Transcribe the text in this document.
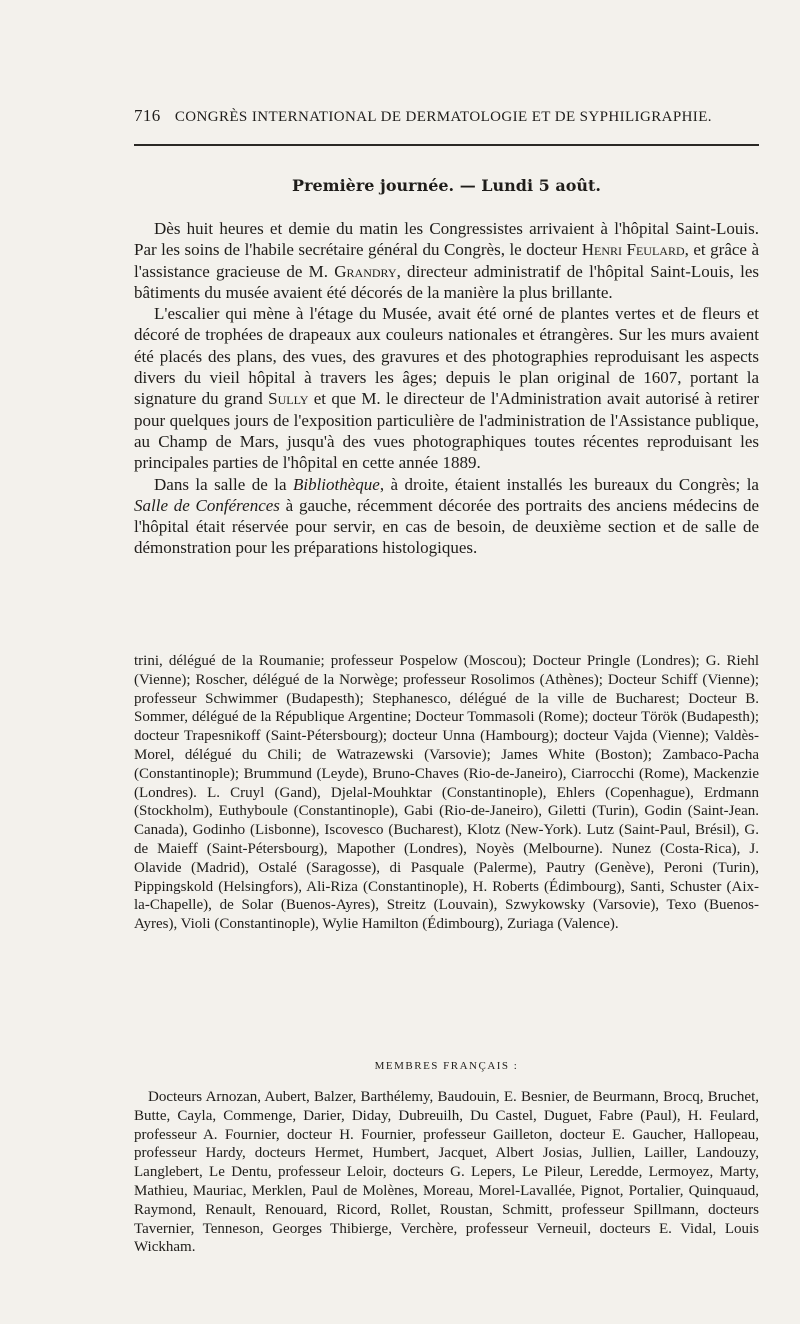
716 CONGRÈS INTERNATIONAL DE DERMATOLOGIE ET DE SYPHILIGRAPHIE.
Première journée. — Lundi 5 août.

Dès huit heures et demie du matin les Congressistes arrivaient à l'hôpital Saint-Louis. Par les soins de l'habile secrétaire général du Congrès, le docteur Henri Feulard, et grâce à l'assistance gracieuse de M. Grandry, directeur administratif de l'hôpital Saint-Louis, les bâtiments du musée avaient été décorés de la manière la plus brillante.

L'escalier qui mène à l'étage du Musée, avait été orné de plantes vertes et de fleurs et décoré de trophées de drapeaux aux couleurs nationales et étrangères. Sur les murs avaient été placés des plans, des vues, des gravures et des photographies reproduisant les aspects divers du vieil hôpital à travers les âges; depuis le plan original de 1607, portant la signature du grand Sully et que M. le directeur de l'Administration avait autorisé à retirer pour quelques jours de l'exposition particulière de l'administration de l'Assistance publique, au Champ de Mars, jusqu'à des vues photographiques toutes récentes reproduisant les principales parties de l'hôpital en cette année 1889.

Dans la salle de la Bibliothèque, à droite, étaient installés les bureaux du Congrès; la Salle de Conférences à gauche, récemment décorée des portraits des anciens médecins de l'hôpital était réservée pour servir, en cas de besoin, de deuxième section et de salle de démonstration pour les préparations histologiques.

trini, délégué de la Roumanie; professeur Pospelow (Moscou); Docteur Pringle (Londres); G. Riehl (Vienne); Roscher, délégué de la Norwège; professeur Rosolimos (Athènes); Docteur Schiff (Vienne); professeur Schwimmer (Budapesth); Stephanesco, délégué de la ville de Bucharest; Docteur B. Sommer, délégué de la République Argentine; Docteur Tommasoli (Rome); docteur Török (Budapesth); docteur Trapesnikoff (Saint-Pétersbourg); docteur Unna (Hambourg); docteur Vajda (Vienne); Valdès-Morel, délégué du Chili; de Watrazewski (Varsovie); James White (Boston); Zambaco-Pacha (Constantinople); Brummund (Leyde), Bruno-Chaves (Rio-de-Janeiro), Ciarrocchi (Rome), Mackenzie (Londres). L. Cruyl (Gand), Djelal-Mouhktar (Constantinople), Ehlers (Copenhague), Erdmann (Stockholm), Euthyboule (Constantinople), Gabi (Rio-de-Janeiro), Giletti (Turin), Godin (Saint-Jean. Canada), Godinho (Lisbonne), Iscovesco (Bucharest), Klotz (New-York). Lutz (Saint-Paul, Brésil), G. de Maieff (Saint-Pétersbourg), Mapother (Londres), Noyès (Melbourne). Nunez (Costa-Rica), J. Olavide (Madrid), Ostalé (Saragosse), di Pasquale (Palerme), Pautry (Genève), Peroni (Turin), Pippingskold (Helsingfors), Ali-Riza (Constantinople), H. Roberts (Édimbourg), Santi, Schuster (Aix-la-Chapelle), de Solar (Buenos-Ayres), Streitz (Louvain), Szwykowsky (Varsovie), Texo (Buenos-Ayres), Violi (Constantinople), Wylie Hamilton (Édimbourg), Zuriaga (Valence).
MEMBRES FRANÇAIS :
Docteurs Arnozan, Aubert, Balzer, Barthélemy, Baudouin, E. Besnier, de Beurmann, Brocq, Bruchet, Butte, Cayla, Commenge, Darier, Diday, Dubreuilh, Du Castel, Duguet, Fabre (Paul), H. Feulard, professeur A. Fournier, docteur H. Fournier, professeur Gailleton, docteur E. Gaucher, Hallopeau, professeur Hardy, docteurs Hermet, Humbert, Jacquet, Albert Josias, Jullien, Lailler, Landouzy, Langlebert, Le Dentu, professeur Leloir, docteurs G. Lepers, Le Pileur, Leredde, Lermoyez, Marty, Mathieu, Mauriac, Merklen, Paul de Molènes, Moreau, Morel-Lavallée, Pignot, Portalier, Quinquaud, Raymond, Renault, Renouard, Ricord, Rollet, Roustan, Schmitt, professeur Spillmann, docteurs Tavernier, Tenneson, Georges Thibierge, Verchère, professeur Verneuil, docteurs E. Vidal, Louis Wickham.
